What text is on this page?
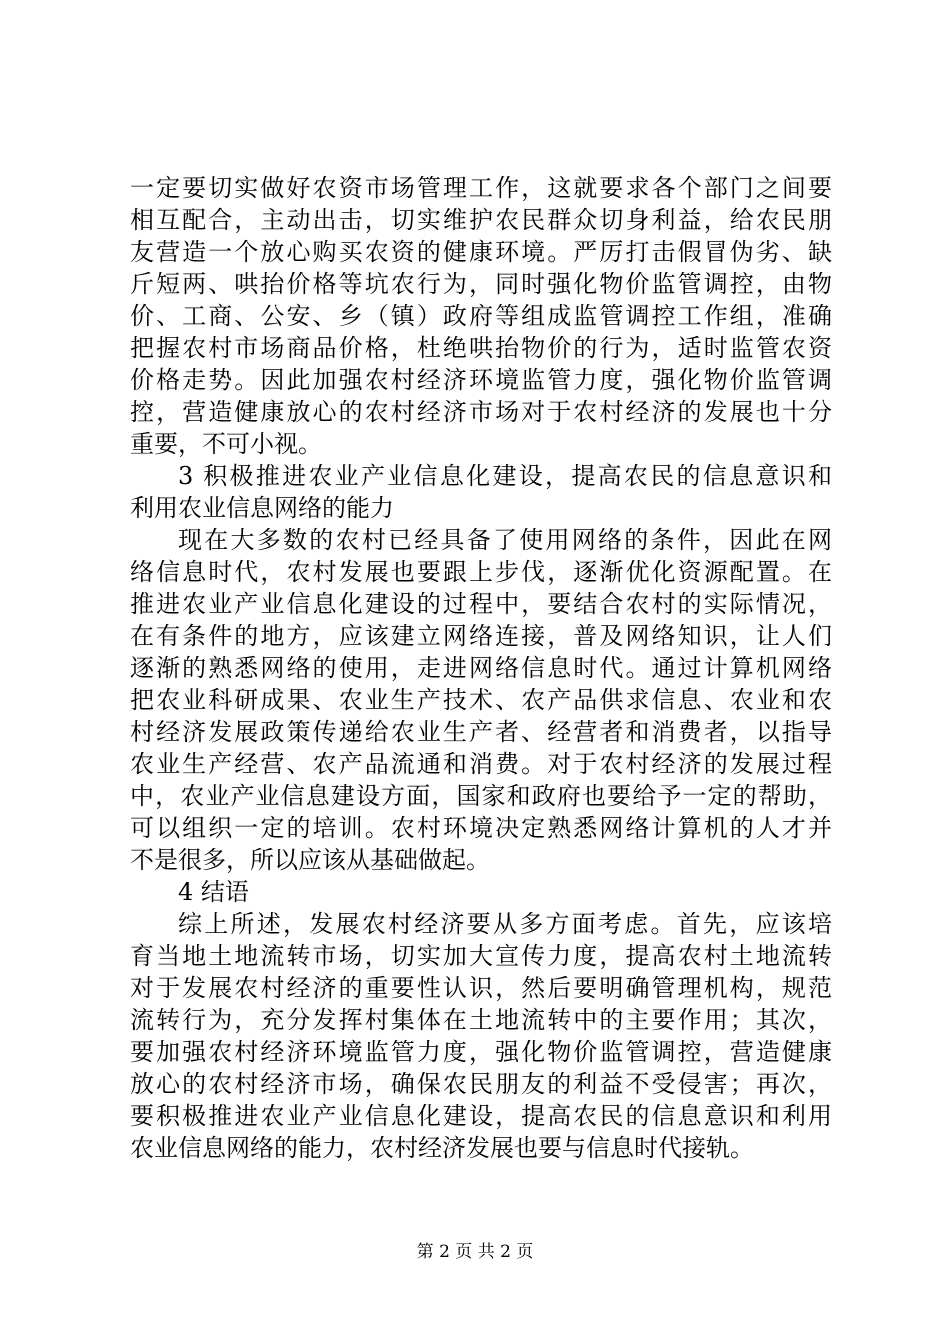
一定要切实做好农资市场管理工作，这就要求各个部门之间要
相互配合，主动出击，切实维护农民群众切身利益，给农民朋
友营造一个放心购买农资的健康环境。严厉打击假冒伪劣、缺
斤短两、哄抬价格等坑农行为，同时强化物价监管调控，由物
价、工商、公安、乡（镇）政府等组成监管调控工作组，准确
把握农村市场商品价格，杜绝哄抬物价的行为，适时监管农资
价格走势。因此加强农村经济环境监管力度，强化物价监管调
控，营造健康放心的农村经济市场对于农村经济的发展也十分
重要，不可小视。
3 积极推进农业产业信息化建设，提高农民的信息意识和
利用农业信息网络的能力
现在大多数的农村已经具备了使用网络的条件，因此在网
络信息时代，农村发展也要跟上步伐，逐渐优化资源配置。在
推进农业产业信息化建设的过程中，要结合农村的实际情况，
在有条件的地方，应该建立网络连接，普及网络知识，让人们
逐渐的熟悉网络的使用，走进网络信息时代。通过计算机网络
把农业科研成果、农业生产技术、农产品供求信息、农业和农
村经济发展政策传递给农业生产者、经营者和消费者，以指导
农业生产经营、农产品流通和消费。对于农村经济的发展过程
中，农业产业信息建设方面，国家和政府也要给予一定的帮助，
可以组织一定的培训。农村环境决定熟悉网络计算机的人才并
不是很多，所以应该从基础做起。
4 结语
综上所述，发展农村经济要从多方面考虑。首先，应该培
育当地土地流转市场，切实加大宣传力度，提高农村土地流转
对于发展农村经济的重要性认识，然后要明确管理机构，规范
流转行为，充分发挥村集体在土地流转中的主要作用；其次，
要加强农村经济环境监管力度，强化物价监管调控，营造健康
放心的农村经济市场，确保农民朋友的利益不受侵害；再次，
要积极推进农业产业信息化建设，提高农民的信息意识和利用
农业信息网络的能力，农村经济发展也要与信息时代接轨。
第 2 页 共 2 页
